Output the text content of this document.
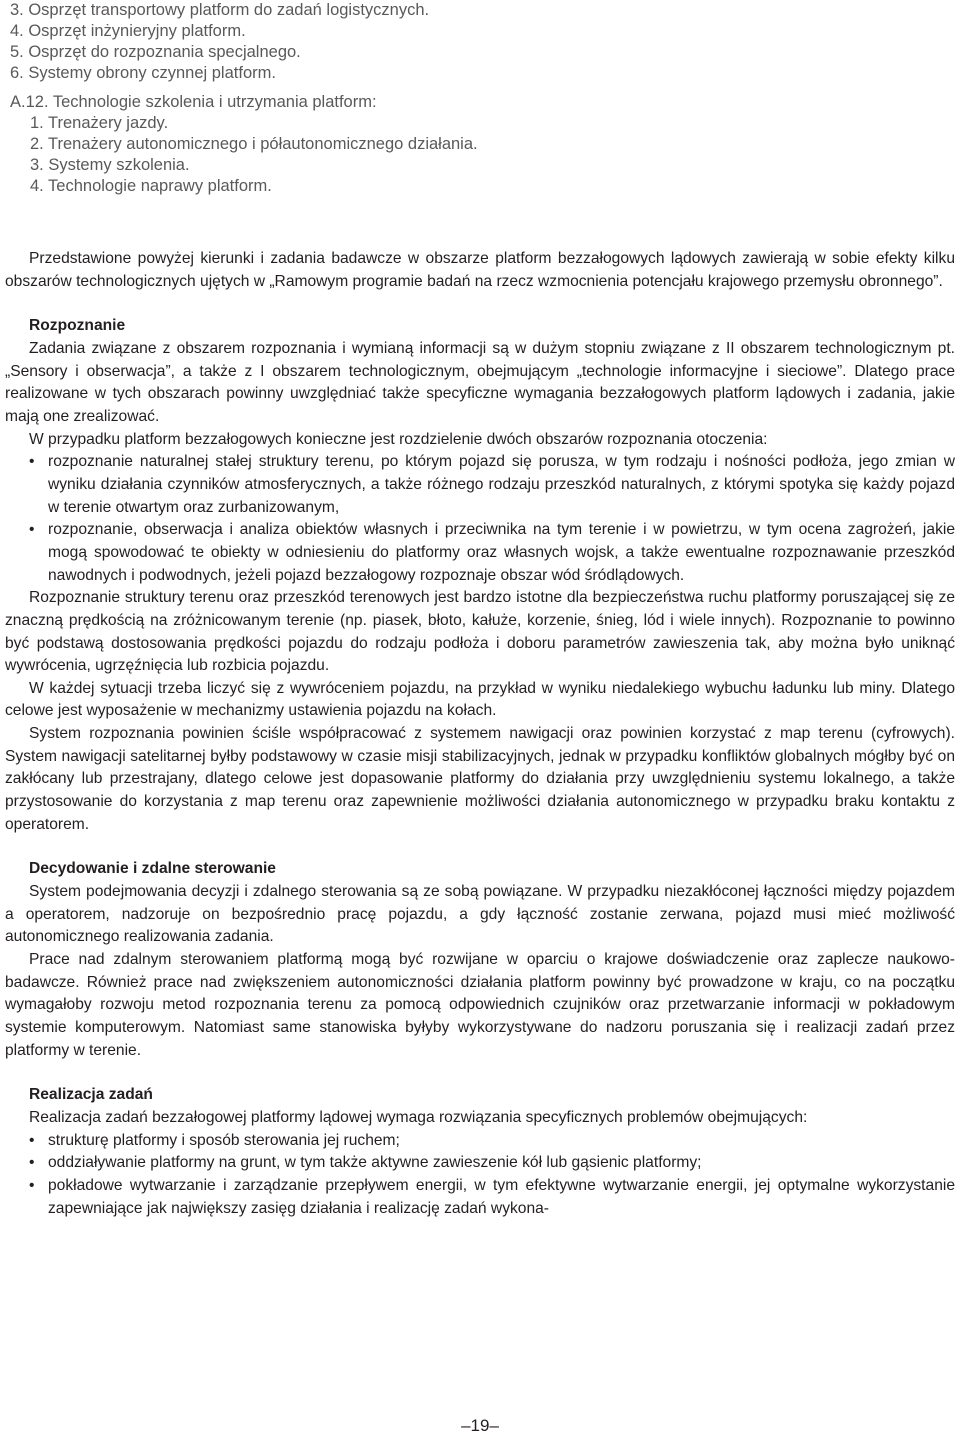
3. Osprzęt transportowy platform do zadań logistycznych.
4. Osprzęt inżynieryjny platform.
5. Osprzęt do rozpoznania specjalnego.
6. Systemy obrony czynnej platform.
A.12. Technologie szkolenia i utrzymania platform:
1. Trenażery jazdy.
2. Trenażery autonomicznego i półautonomicznego działania.
3. Systemy szkolenia.
4. Technologie naprawy platform.

Przedstawione powyżej kierunki i zadania badawcze w obszarze platform bezzałogowych lądowych zawierają w sobie efekty kilku obszarów technologicznych ujętych w „Ramowym programie badań na rzecz wzmocnienia potencjału krajowego przemysłu obronnego”.

Rozpoznanie

Zadania związane z obszarem rozpoznania i wymianą informacji są w dużym stopniu związane z II obszarem technologicznym pt. „Sensory i obserwacja”, a także z I obszarem technologicznym, obejmującym „technologie informacyjne i sieciowe”. Dlatego prace realizowane w tych obszarach powinny uwzględniać także specyficzne wymagania bezzałogowych platform lądowych i zadania, jakie mają one zrealizować.

W przypadku platform bezzałogowych konieczne jest rozdzielenie dwóch obszarów rozpoznania otoczenia:

• rozpoznanie naturalnej stałej struktury terenu, po którym pojazd się porusza, w tym rodzaju i nośności podłoża, jego zmian w wyniku działania czynników atmosferycznych, a także różnego rodzaju przeszkód naturalnych, z którymi spotyka się każdy pojazd w terenie otwartym oraz zurbanizowanym,
• rozpoznanie, obserwacja i analiza obiektów własnych i przeciwnika na tym terenie i w powietrzu, w tym ocena zagrożeń, jakie mogą spowodować te obiekty w odniesieniu do platformy oraz własnych wojsk, a także ewentualne rozpoznawanie przeszkód nawodnych i podwodnych, jeżeli pojazd bezzałogowy rozpoznaje obszar wód śródlądowych.

Rozpoznanie struktury terenu oraz przeszkód terenowych jest bardzo istotne dla bezpieczeństwa ruchu platformy poruszającej się ze znaczną prędkością na zróżnicowanym terenie (np. piasek, błoto, kałuże, korzenie, śnieg, lód i wiele innych). Rozpoznanie to powinno być podstawą dostosowania prędkości pojazdu do rodzaju podłoża i doboru parametrów zawieszenia tak, aby można było uniknąć wywrócenia, ugrzęźnięcia lub rozbicia pojazdu.

W każdej sytuacji trzeba liczyć się z wywróceniem pojazdu, na przykład w wyniku niedalekiego wybuchu ładunku lub miny. Dlatego celowe jest wyposażenie w mechanizmy ustawienia pojazdu na kołach.

System rozpoznania powinien ściśle współpracować z systemem nawigacji oraz powinien korzystać z map terenu (cyfrowych). System nawigacji satelitarnej byłby podstawowy w czasie misji stabilizacyjnych, jednak w przypadku konfliktów globalnych mógłby być on zakłócany lub przestrajany, dlatego celowe jest dopasowanie platformy do działania przy uwzględnieniu systemu lokalnego, a także przystosowanie do korzystania z map terenu oraz zapewnienie możliwości działania autonomicznego w przypadku braku kontaktu z operatorem.

Decydowanie i zdalne sterowanie

System podejmowania decyzji i zdalnego sterowania są ze sobą powiązane. W przypadku niezakłóconej łączności między pojazdem a operatorem, nadzoruje on bezpośrednio pracę pojazdu, a gdy łączność zostanie zerwana, pojazd musi mieć możliwość autonomicznego realizowania zadania.

Prace nad zdalnym sterowaniem platformą mogą być rozwijane w oparciu o krajowe doświadczenie oraz zaplecze naukowo-badawcze. Również prace nad zwiększeniem autonomiczności działania platform powinny być prowadzone w kraju, co na początku wymagałoby rozwoju metod rozpoznania terenu za pomocą odpowiednich czujników oraz przetwarzanie informacji w pokładowym systemie komputerowym. Natomiast same stanowiska byłyby wykorzystywane do nadzoru poruszania się i realizacji zadań przez platformy w terenie.

Realizacja zadań

Realizacja zadań bezzałogowej platformy lądowej wymaga rozwiązania specyficznych problemów obejmujących:

• strukturę platformy i sposób sterowania jej ruchem;
• oddziaływanie platformy na grunt, w tym także aktywne zawieszenie kół lub gąsienic platformy;
• pokładowe wytwarzanie i zarządzanie przepływem energii, w tym efektywne wytwarzanie energii, jej optymalne wykorzystanie zapewniające jak największy zasięg działania i realizację zadań wykona-
–19–
